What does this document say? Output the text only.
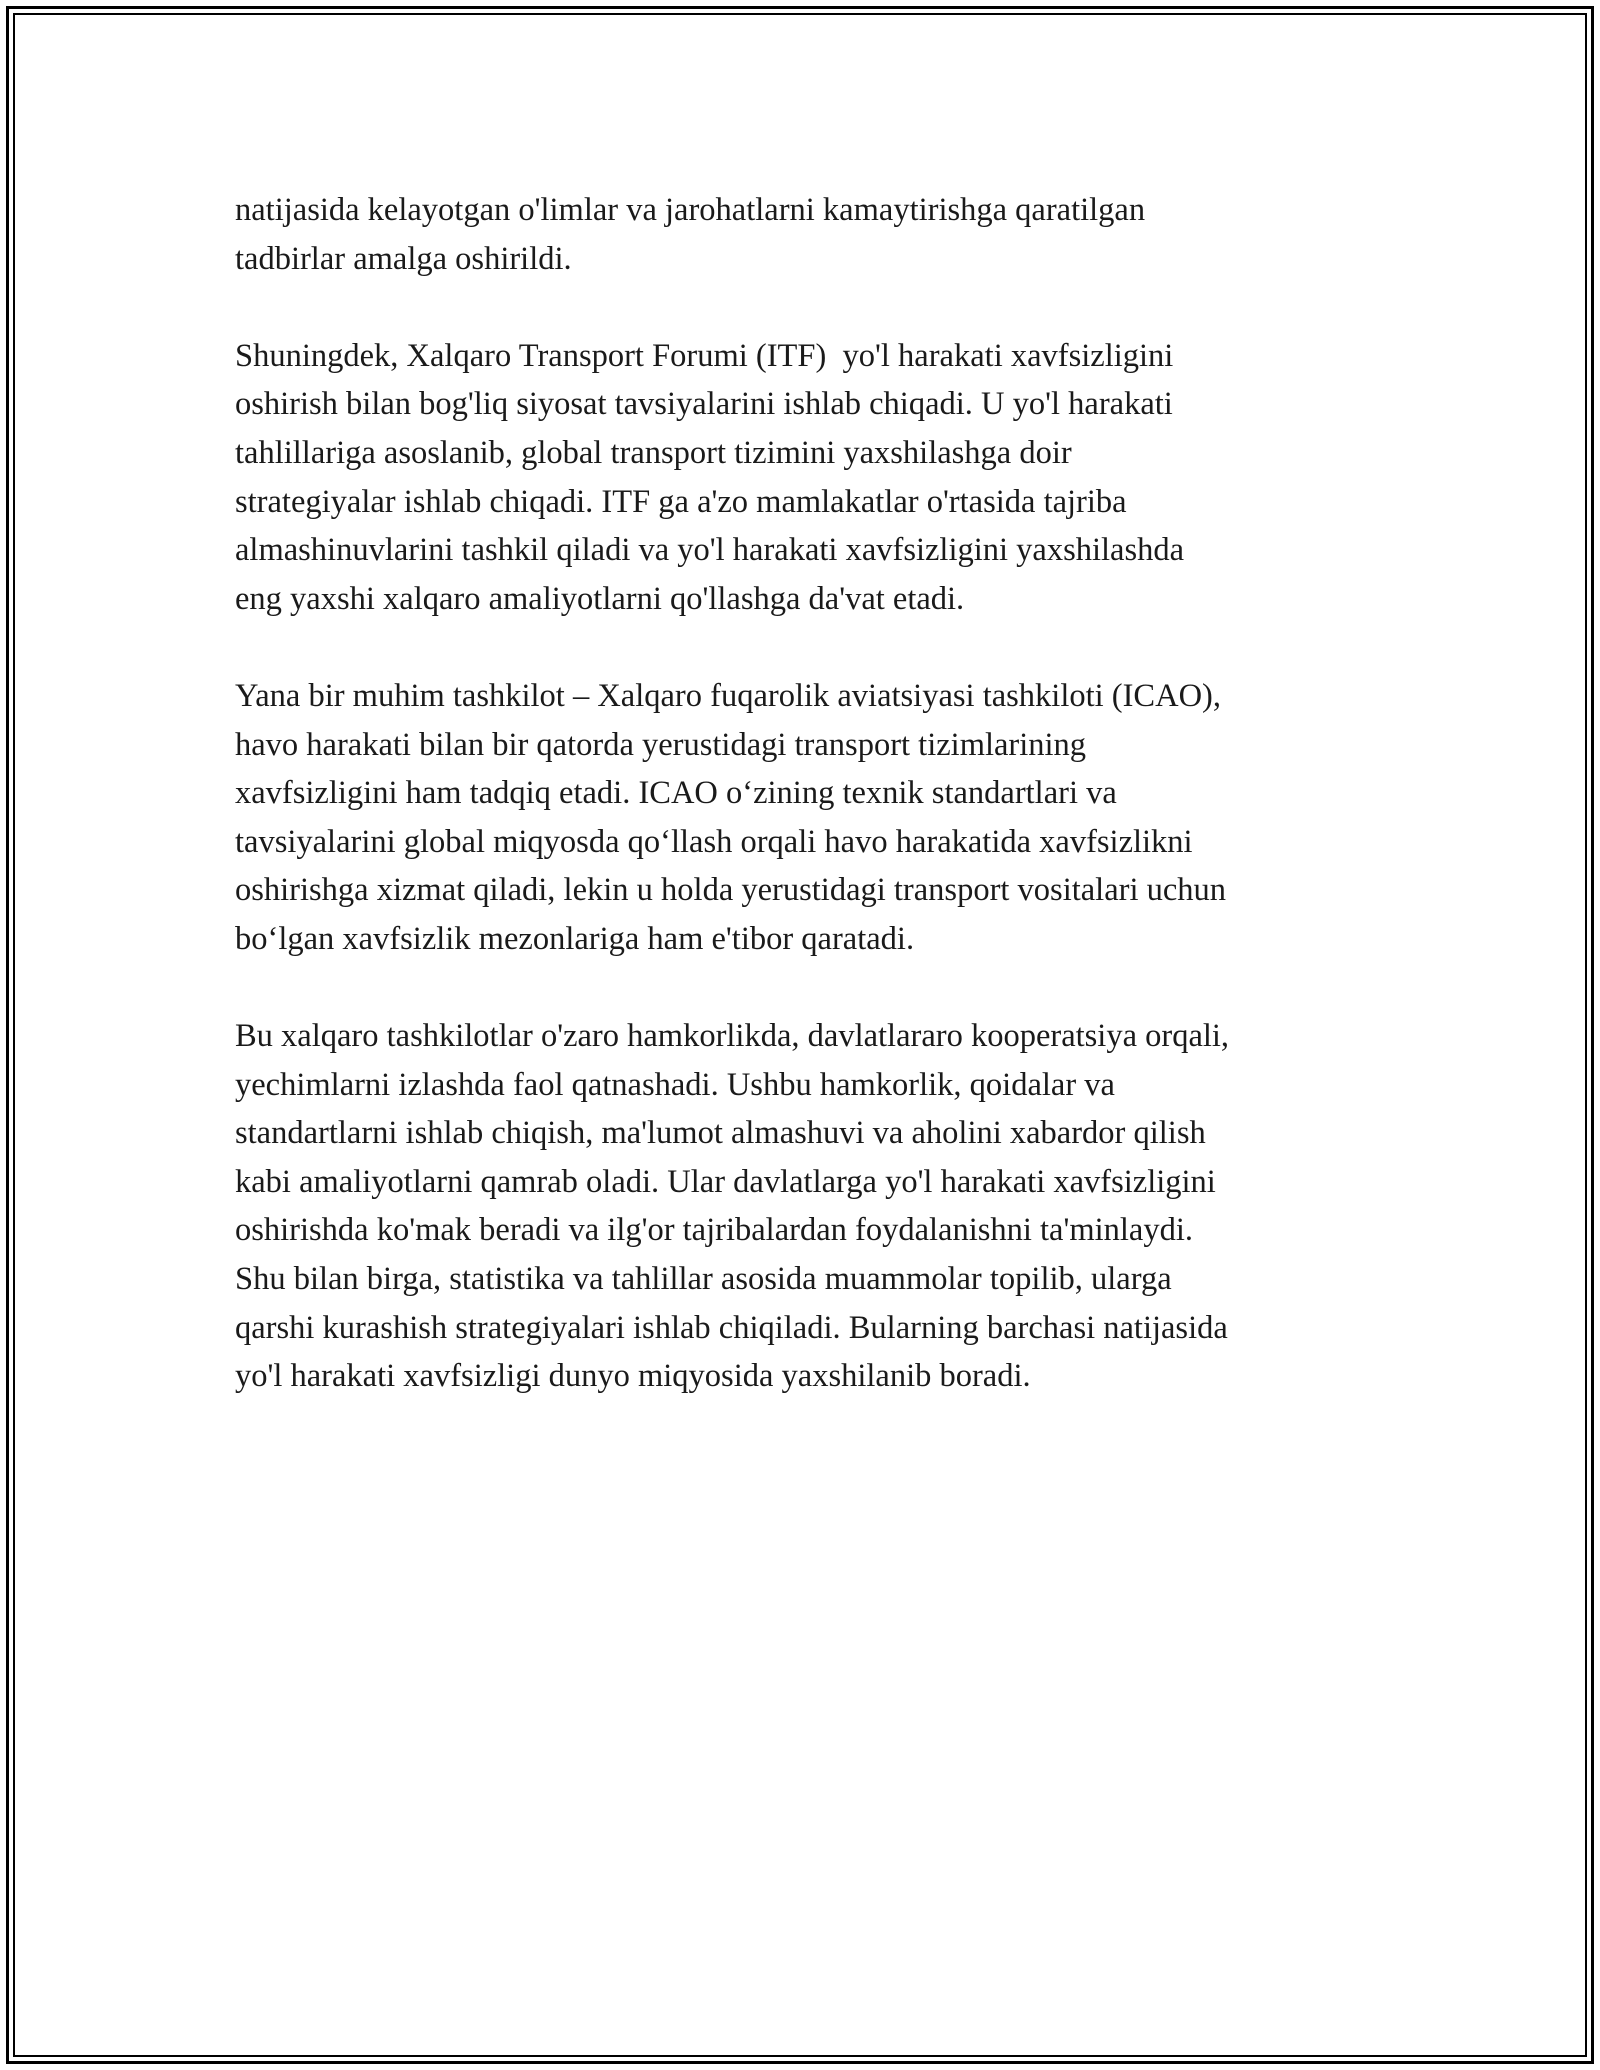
natijasida kelayotgan o'limlar va jarohatlarni kamaytirishga qaratilgan
tadbirlar amalga oshirildi.

Shuningdek, Xalqaro Transport Forumi (ITF)  yo'l harakati xavfsizligini
oshirish bilan bog'liq siyosat tavsiyalarini ishlab chiqadi. U yo'l harakati
tahlillariga asoslanib, global transport tizimini yaxshilashga doir
strategiyalar ishlab chiqadi. ITF ga a'zo mamlakatlar o'rtasida tajriba
almashinuvlarini tashkil qiladi va yo'l harakati xavfsizligini yaxshilashda
eng yaxshi xalqaro amaliyotlarni qo'llashga da'vat etadi.

Yana bir muhim tashkilot – Xalqaro fuqarolik aviatsiyasi tashkiloti (ICAO),
havo harakati bilan bir qatorda yerustidagi transport tizimlarining
xavfsizligini ham tadqiq etadi. ICAO o‘zining texnik standartlari va
tavsiyalarini global miqyosda qo‘llash orqali havo harakatida xavfsizlikni
oshirishga xizmat qiladi, lekin u holda yerustidagi transport vositalari uchun
bo‘lgan xavfsizlik mezonlariga ham e'tibor qaratadi.

Bu xalqaro tashkilotlar o'zaro hamkorlikda, davlatlararo kooperatsiya orqali,
yechimlarni izlashda faol qatnashadi. Ushbu hamkorlik, qoidalar va
standartlarni ishlab chiqish, ma'lumot almashuvi va aholini xabardor qilish
kabi amaliyotlarni qamrab oladi. Ular davlatlarga yo'l harakati xavfsizligini
oshirishda ko'mak beradi va ilg'or tajribalardan foydalanishni ta'minlaydi.
Shu bilan birga, statistika va tahlillar asosida muammolar topilib, ularga
qarshi kurashish strategiyalari ishlab chiqiladi. Bularning barchasi natijasida
yo'l harakati xavfsizligi dunyo miqyosida yaxshilanib boradi.
